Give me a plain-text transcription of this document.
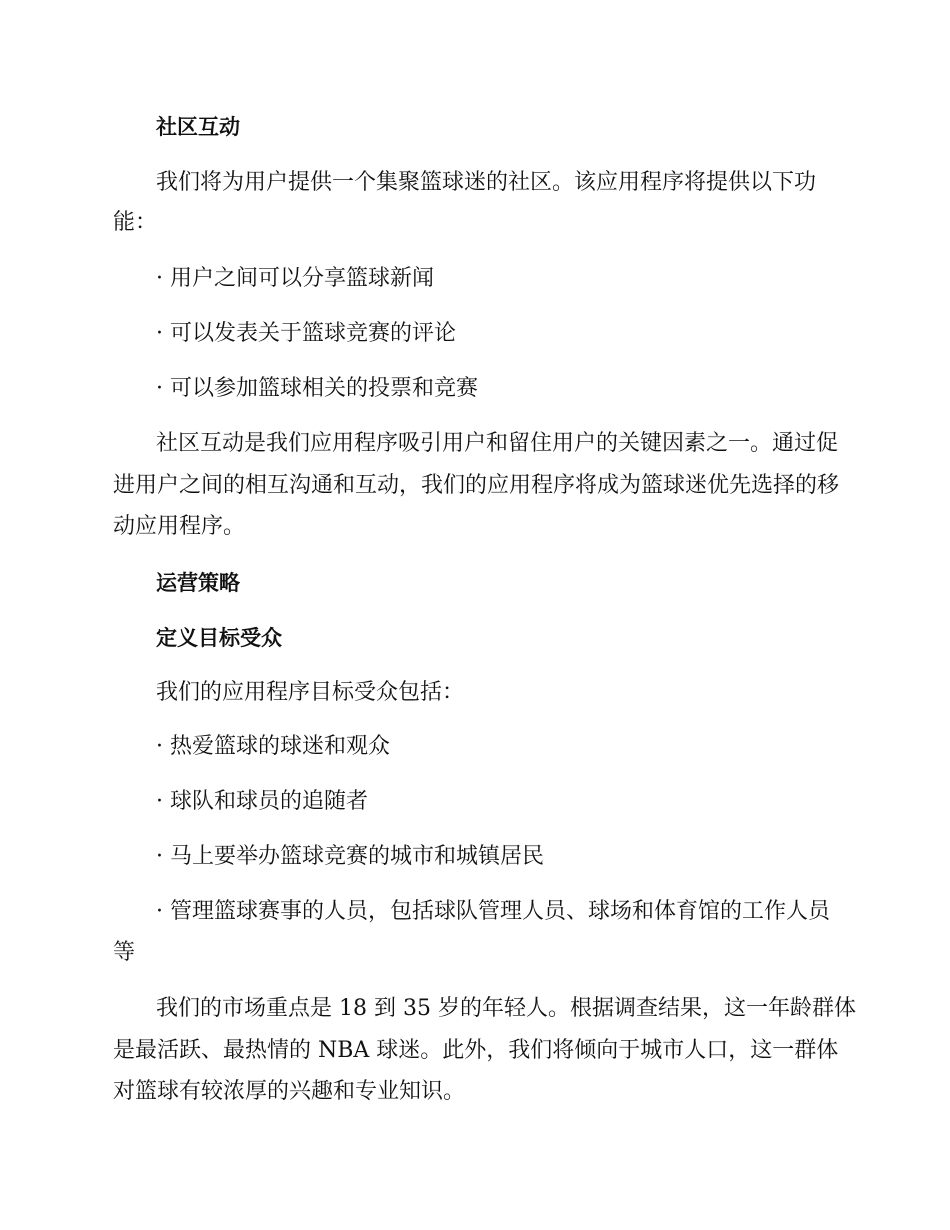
社区互动
我们将为用户提供一个集聚篮球迷的社区。该应用程序将提供以下功
能：
· 用户之间可以分享篮球新闻
· 可以发表关于篮球竞赛的评论
· 可以参加篮球相关的投票和竞赛
社区互动是我们应用程序吸引用户和留住用户的关键因素之一。通过促
进用户之间的相互沟通和互动，我们的应用程序将成为篮球迷优先选择的移
动应用程序。
运营策略
定义目标受众
我们的应用程序目标受众包括：
· 热爱篮球的球迷和观众
· 球队和球员的追随者
· 马上要举办篮球竞赛的城市和城镇居民
· 管理篮球赛事的人员，包括球队管理人员、球场和体育馆的工作人员
等
我们的市场重点是 18 到 35 岁的年轻人。根据调查结果，这一年龄群体
是最活跃、最热情的 NBA 球迷。此外，我们将倾向于城市人口，这一群体
对篮球有较浓厚的兴趣和专业知识。
